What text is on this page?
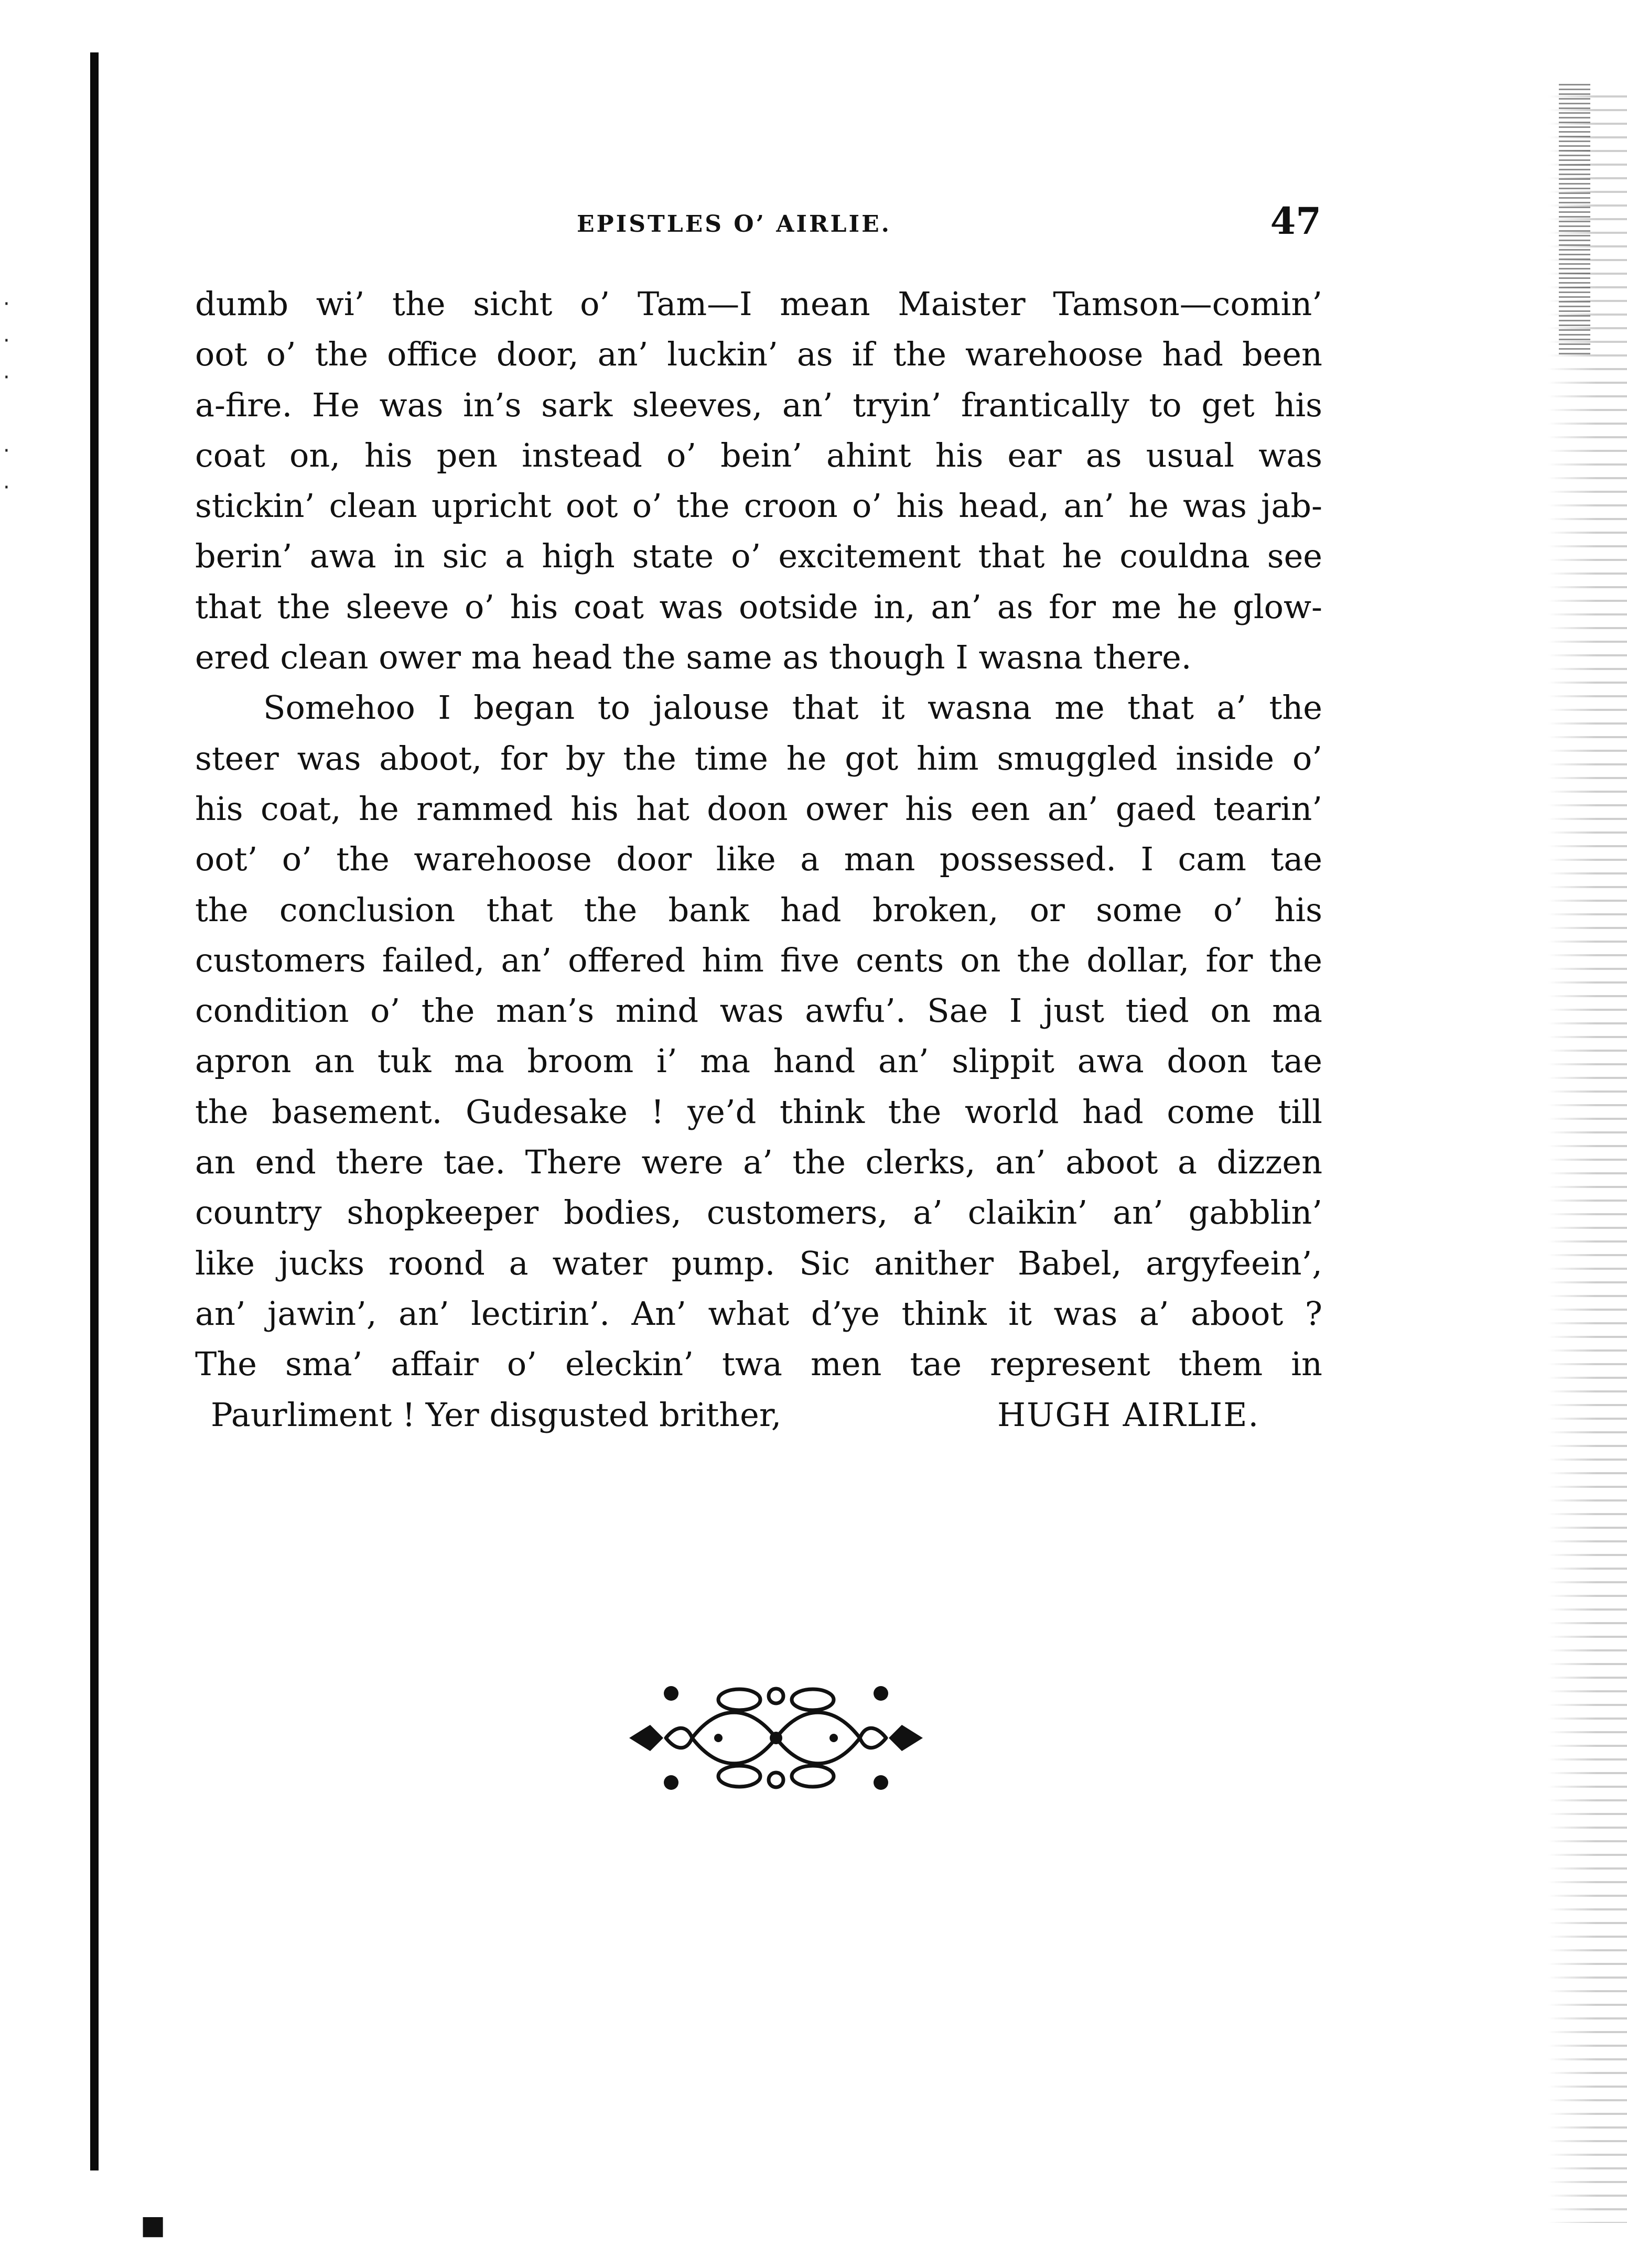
·
·
·
·
·
EPISTLES O’ AIRLIE.	47
dumb wi’ the sicht o’ Tam—I mean Maister Tamson—comin’
oot o’ the office door, an’ luckin’ as if the warehoose had been
a-fire. He was in’s sark sleeves, an’ tryin’ frantically to get his
coat on, his pen instead o’ bein’ ahint his ear as usual was
stickin’ clean upricht oot o’ the croon o’ his head, an’ he was jab-
berin’ awa in sic a high state o’ excitement that he couldna see
that the sleeve o’ his coat was ootside in, an’ as for me he glow-
ered clean ower ma head the same as though I wasna there.
Somehoo I began to jalouse that it wasna me that a’ the
steer was aboot, for by the time he got him smuggled inside o’
his coat, he rammed his hat doon ower his een an’ gaed tearin’
oot’ o’ the warehoose door like a man possessed. I cam tae
the conclusion that the bank had broken, or some o’ his
customers failed, an’ offered him five cents on the dollar, for the
condition o’ the man’s mind was awfu’. Sae I just tied on ma
apron an tuk ma broom i’ ma hand an’ slippit awa doon tae
the basement. Gudesake ! ye’d think the world had come till
an end there tae. There were a’ the clerks, an’ aboot a dizzen
country shopkeeper bodies, customers, a’ claikin’ an’ gabblin’
like jucks roond a water pump. Sic anither Babel, argyfeein’,
an’ jawin’, an’ lectirin’. An’ what d’ye think it was a’ aboot ?
The sma’ affair o’ eleckin’ twa men tae represent them in
Paurliment ! Yer disgusted brither,	HUGH AIRLIE.
■
